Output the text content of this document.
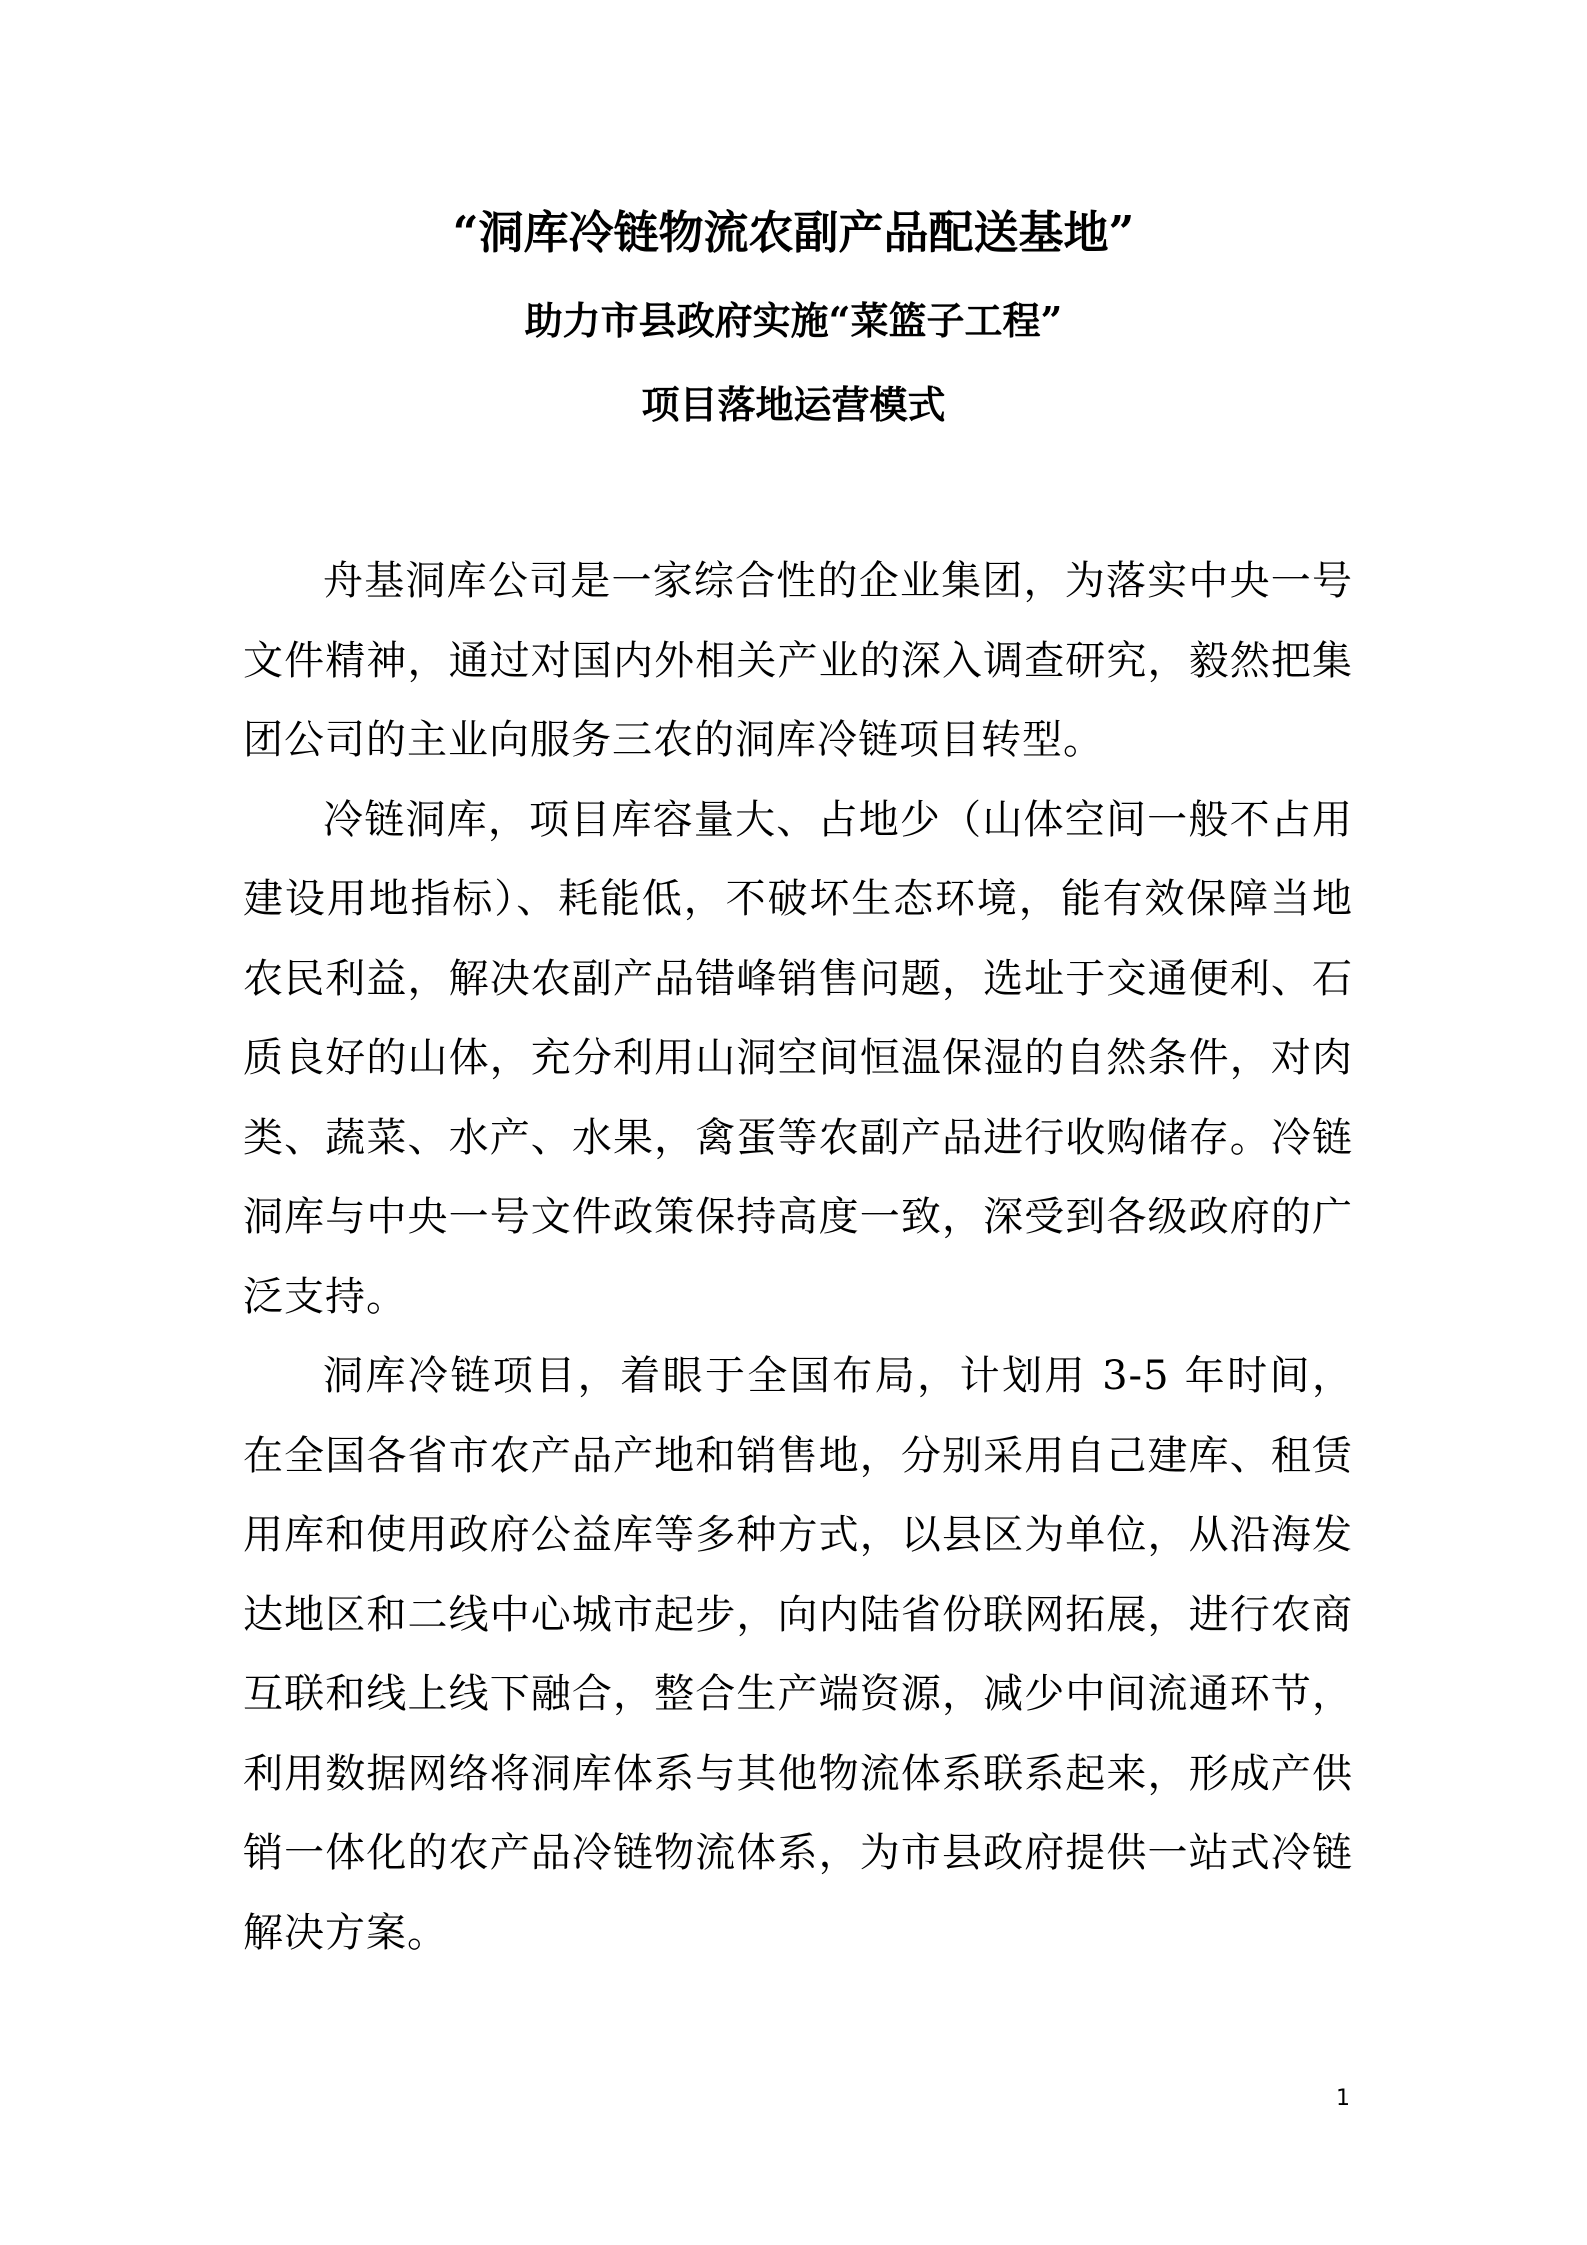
“洞库冷链物流农副产品配送基地”
助力市县政府实施“菜篮子工程”
项目落地运营模式

舟基洞库公司是一家综合性的企业集团，为落实中央一号文件精神，通过对国内外相关产业的深入调查研究，毅然把集团公司的主业向服务三农的洞库冷链项目转型。

冷链洞库，项目库容量大、占地少（山体空间一般不占用建设用地指标）、耗能低，不破坏生态环境，能有效保障当地农民利益，解决农副产品错峰销售问题，选址于交通便利、石质良好的山体，充分利用山洞空间恒温保湿的自然条件，对肉类、蔬菜、水产、水果，禽蛋等农副产品进行收购储存。冷链洞库与中央一号文件政策保持高度一致，深受到各级政府的广泛支持。

洞库冷链项目，着眼于全国布局，计划用 3-5 年时间，在全国各省市农产品产地和销售地，分别采用自己建库、租赁用库和使用政府公益库等多种方式，以县区为单位，从沿海发达地区和二线中心城市起步，向内陆省份联网拓展，进行农商互联和线上线下融合，整合生产端资源，减少中间流通环节，利用数据网络将洞库体系与其他物流体系联系起来，形成产供销一体化的农产品冷链物流体系，为市县政府提供一站式冷链解决方案。

1
